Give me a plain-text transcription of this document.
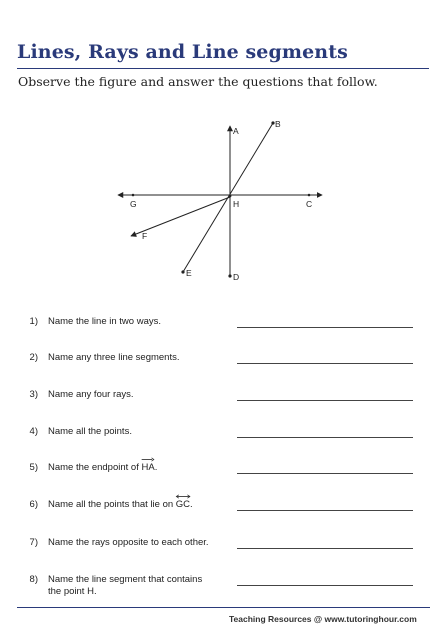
Lines, Rays and Line segments
Observe the figure and answer the questions that follow.
A
B
C
D
E
F
G	H
1) Name the line in two ways.
2) Name any three line segments.
3) Name any four rays.
4) Name all the points.
5) Name the endpoint of HA
.
6) Name all the points that lie on GC
.
7) Name the rays opposite to each other.
8) Name the line segment that contains the point H.
Teaching Resources @ www.tutoringhour.com
